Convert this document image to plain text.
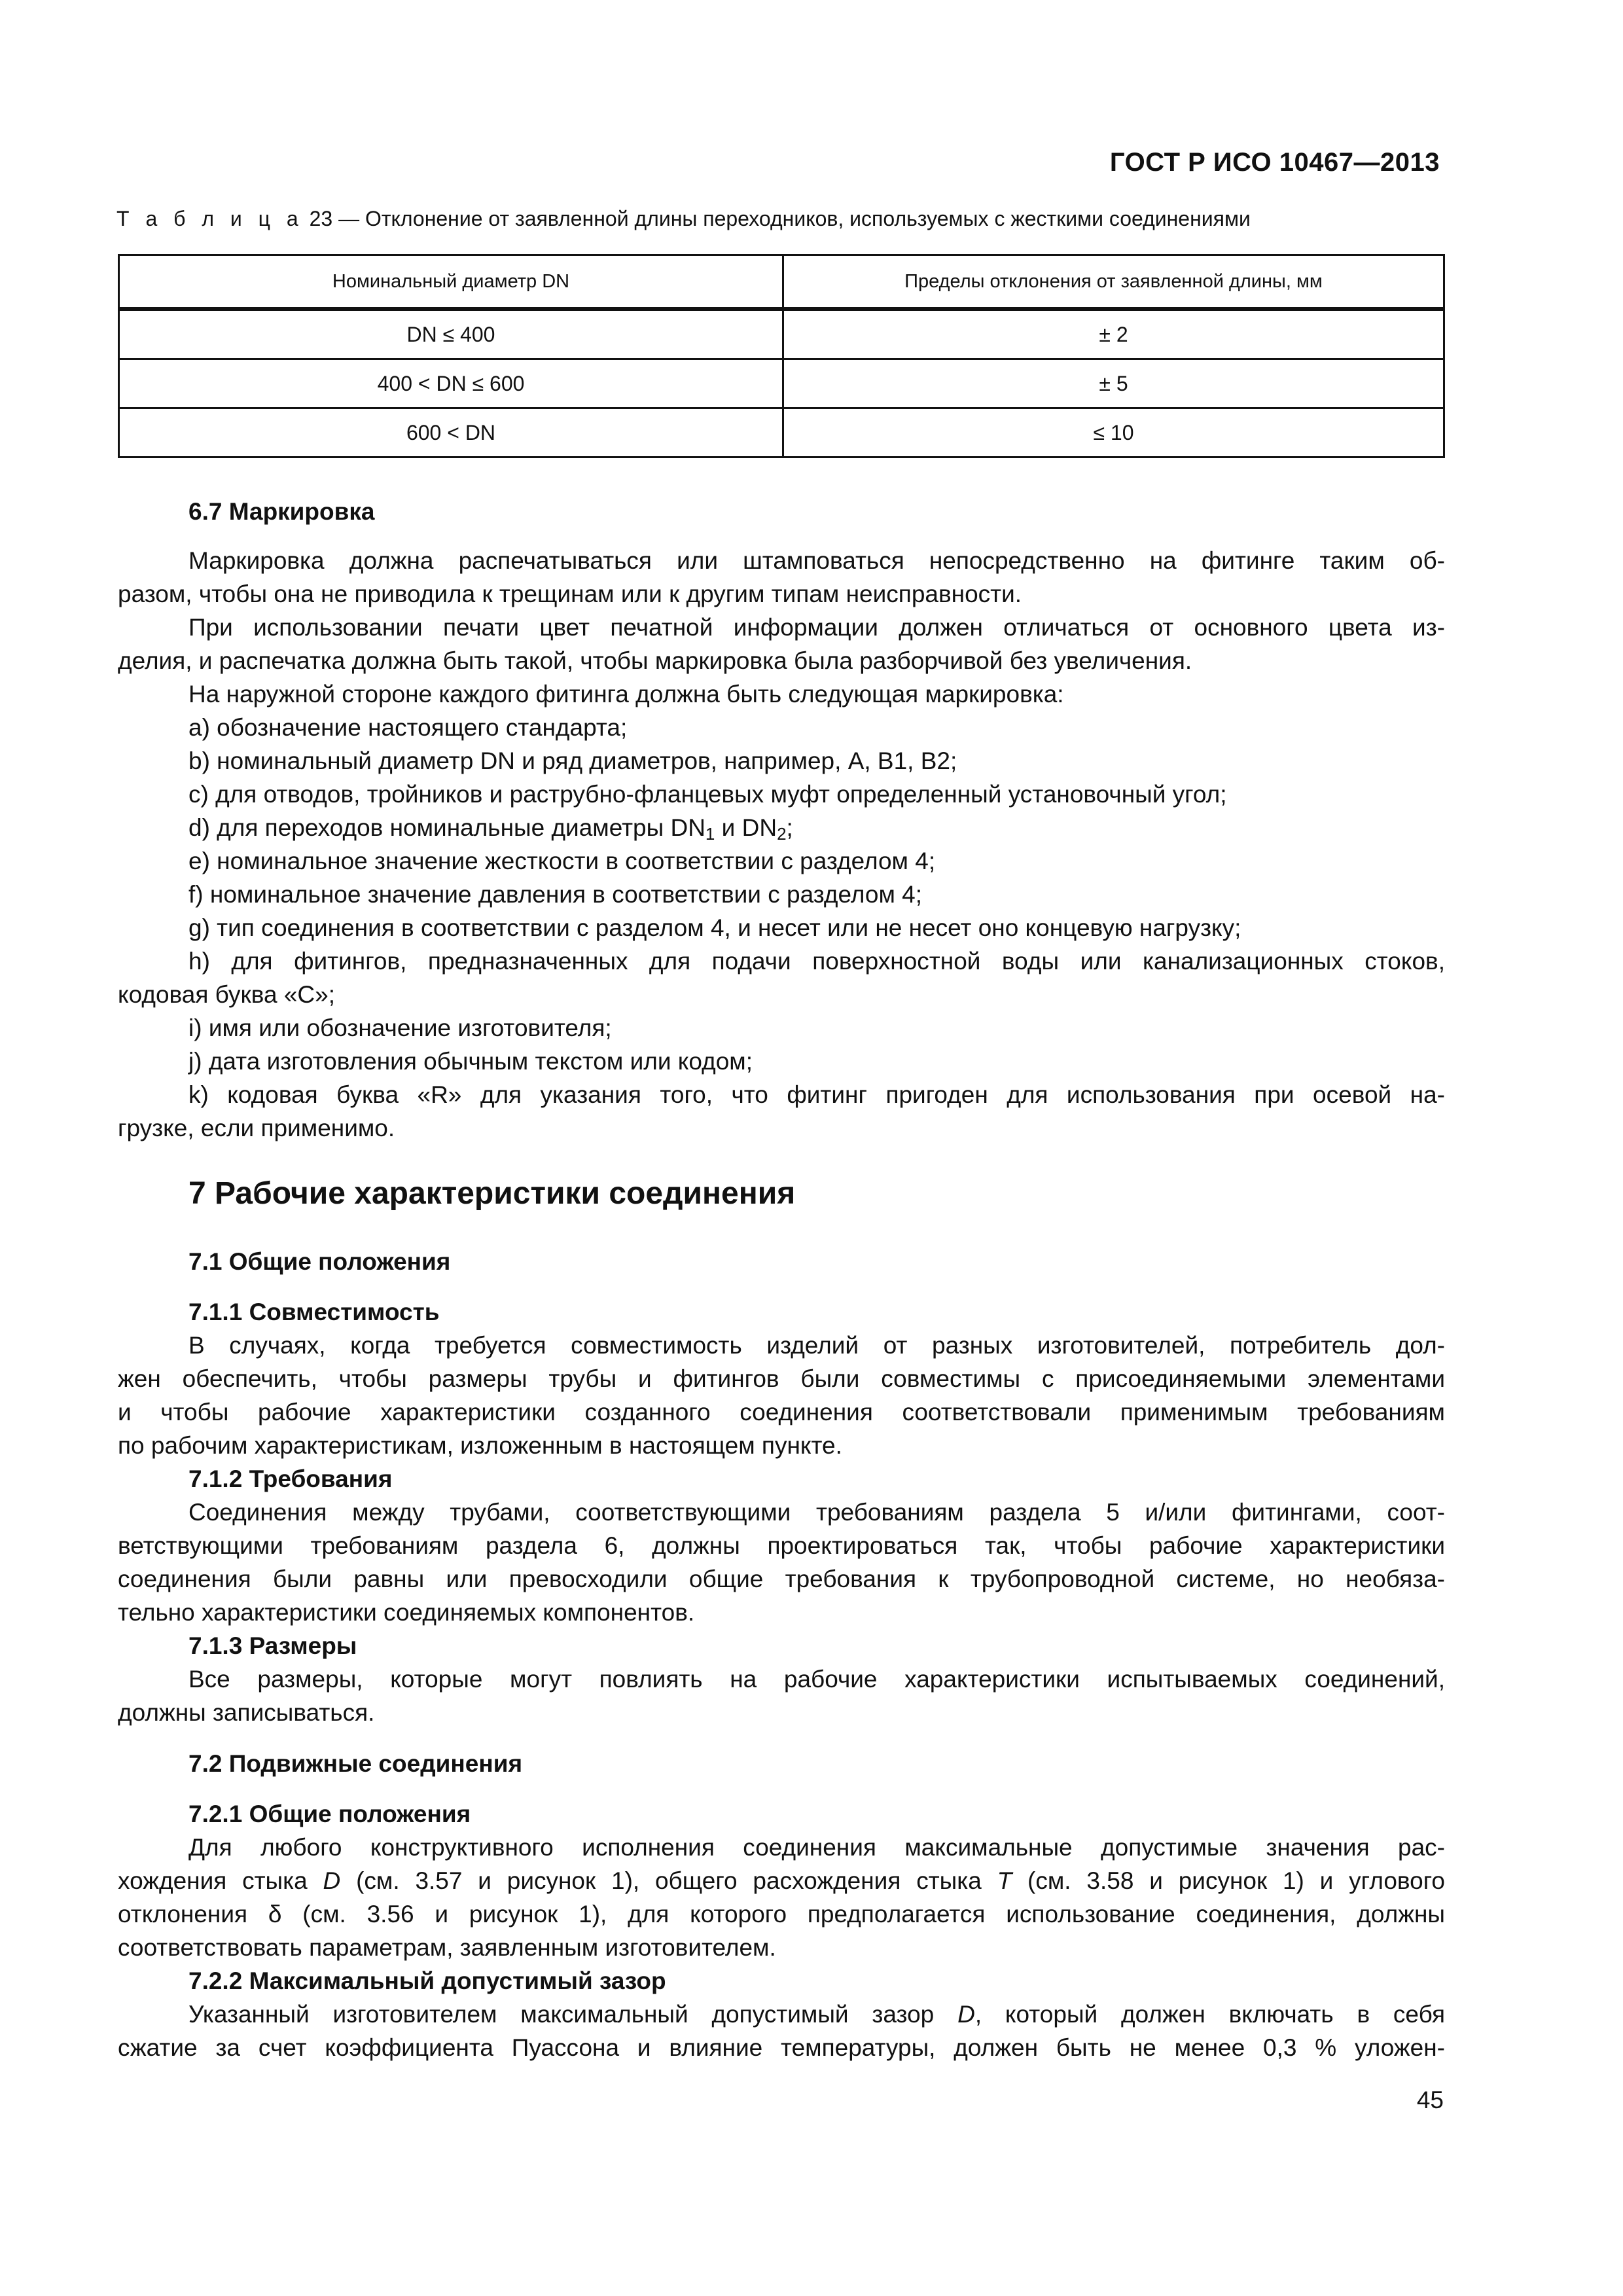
ГОСТ Р ИСО 10467—2013
Т а б л и ц а 23 — Отклонение от заявленной длины переходников, используемых с жесткими соединениями
Номинальный диаметр DN	Пределы отклонения от заявленной длины, мм
DN ≤ 400	± 2
400 < DN ≤ 600	± 5
600 < DN	≤ 10
6.7 Маркировка
Маркировка должна распечатываться или штамповаться непосредственно на фитинге таким об-
разом, чтобы она не приводила к трещинам или к другим типам неисправности.
При использовании печати цвет печатной информации должен отличаться от основного цвета из-
делия, и распечатка должна быть такой, чтобы маркировка была разборчивой без увеличения.
На наружной стороне каждого фитинга должна быть следующая маркировка:
a) обозначение настоящего стандарта;
b) номинальный диаметр DN и ряд диаметров, например, A, B1, B2;
c) для отводов, тройников и раструбно-фланцевых муфт определенный установочный угол;
d) для переходов номинальные диаметры $DN_1$ и $DN_2$;
e) номинальное значение жесткости в соответствии с разделом 4;
f) номинальное значение давления в соответствии с разделом 4;
g) тип соединения в соответствии с разделом 4, и несет или не несет оно концевую нагрузку;
h) для фитингов, предназначенных для подачи поверхностной воды или канализационных стоков,
кодовая буква «C»;
i) имя или обозначение изготовителя;
j) дата изготовления обычным текстом или кодом;
k) кодовая буква «R» для указания того, что фитинг пригоден для использования при осевой на-
грузке, если применимо.
7 Рабочие характеристики соединения
7.1 Общие положения
7.1.1 Совместимость
В случаях, когда требуется совместимость изделий от разных изготовителей, потребитель дол-
жен обеспечить, чтобы размеры трубы и фитингов были совместимы с присоединяемыми элементами
и чтобы рабочие характеристики созданного соединения соответствовали применимым требованиям
по рабочим характеристикам, изложенным в настоящем пункте.
7.1.2 Требования
Соединения между трубами, соответствующими требованиям раздела 5 и/или фитингами, соот-
ветствующими требованиям раздела 6, должны проектироваться так, чтобы рабочие характеристики
соединения были равны или превосходили общие требования к трубопроводной системе, но необяза-
тельно характеристики соединяемых компонентов.
7.1.3 Размеры
Все размеры, которые могут повлиять на рабочие характеристики испытываемых соединений,
должны записываться.
7.2 Подвижные соединения
7.2.1 Общие положения
Для любого конструктивного исполнения соединения максимальные допустимые значения рас-
хождения стыка D (см. 3.57 и рисунок 1), общего расхождения стыка T (см. 3.58 и рисунок 1) и углового
отклонения δ (см. 3.56 и рисунок 1), для которого предполагается использование соединения, должны
соответствовать параметрам, заявленным изготовителем.
7.2.2 Максимальный допустимый зазор
Указанный изготовителем максимальный допустимый зазор D, который должен включать в себя
сжатие за счет коэффициента Пуассона и влияние температуры, должен быть не менее 0,3 % уложен-
45
